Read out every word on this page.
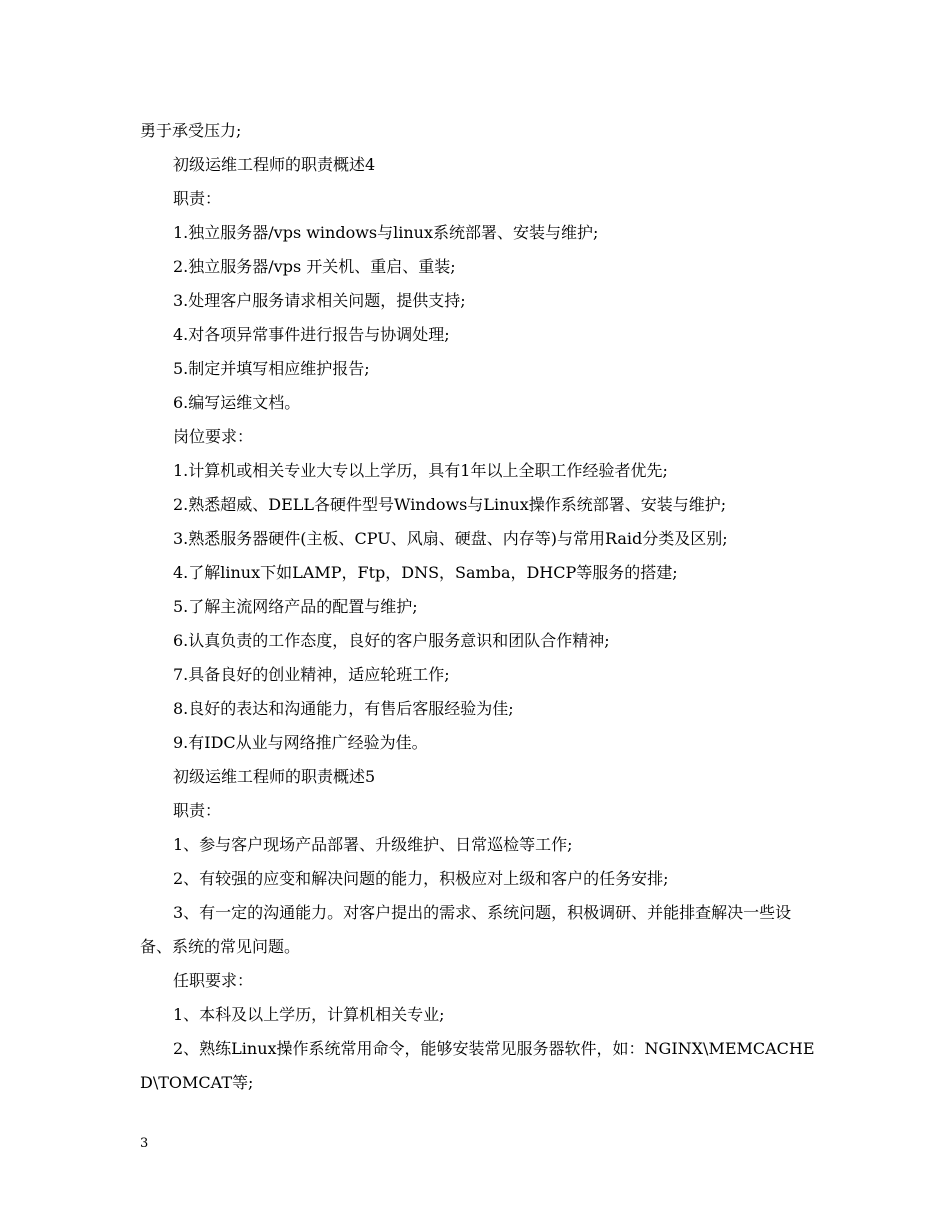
勇于承受压力;
初级运维工程师的职责概述4
职责：
1.独立服务器/vps windows与linux系统部署、安装与维护;
2.独立服务器/vps 开关机、重启、重装;
3.处理客户服务请求相关问题，提供支持;
4.对各项异常事件进行报告与协调处理;
5.制定并填写相应维护报告;
6.编写运维文档。
岗位要求：
1.计算机或相关专业大专以上学历，具有1年以上全职工作经验者优先;
2.熟悉超威、DELL各硬件型号Windows与Linux操作系统部署、安装与维护;
3.熟悉服务器硬件(主板、CPU、风扇、硬盘、内存等)与常用Raid分类及区别;
4.了解linux下如LAMP，Ftp，DNS，Samba，DHCP等服务的搭建;
5.了解主流网络产品的配置与维护;
6.认真负责的工作态度，良好的客户服务意识和团队合作精神;
7.具备良好的创业精神，适应轮班工作;
8.良好的表达和沟通能力，有售后客服经验为佳;
9.有IDC从业与网络推广经验为佳。
初级运维工程师的职责概述5
职责：
1、参与客户现场产品部署、升级维护、日常巡检等工作;
2、有较强的应变和解决问题的能力，积极应对上级和客户的任务安排;
3、有一定的沟通能力。对客户提出的需求、系统问题，积极调研、并能排查解决一些设备、系统的常见问题。
任职要求：
1、本科及以上学历，计算机相关专业;
2、熟练Linux操作系统常用命令，能够安装常见服务器软件，如：NGINX\MEMCACHED\TOMCAT等;
3
